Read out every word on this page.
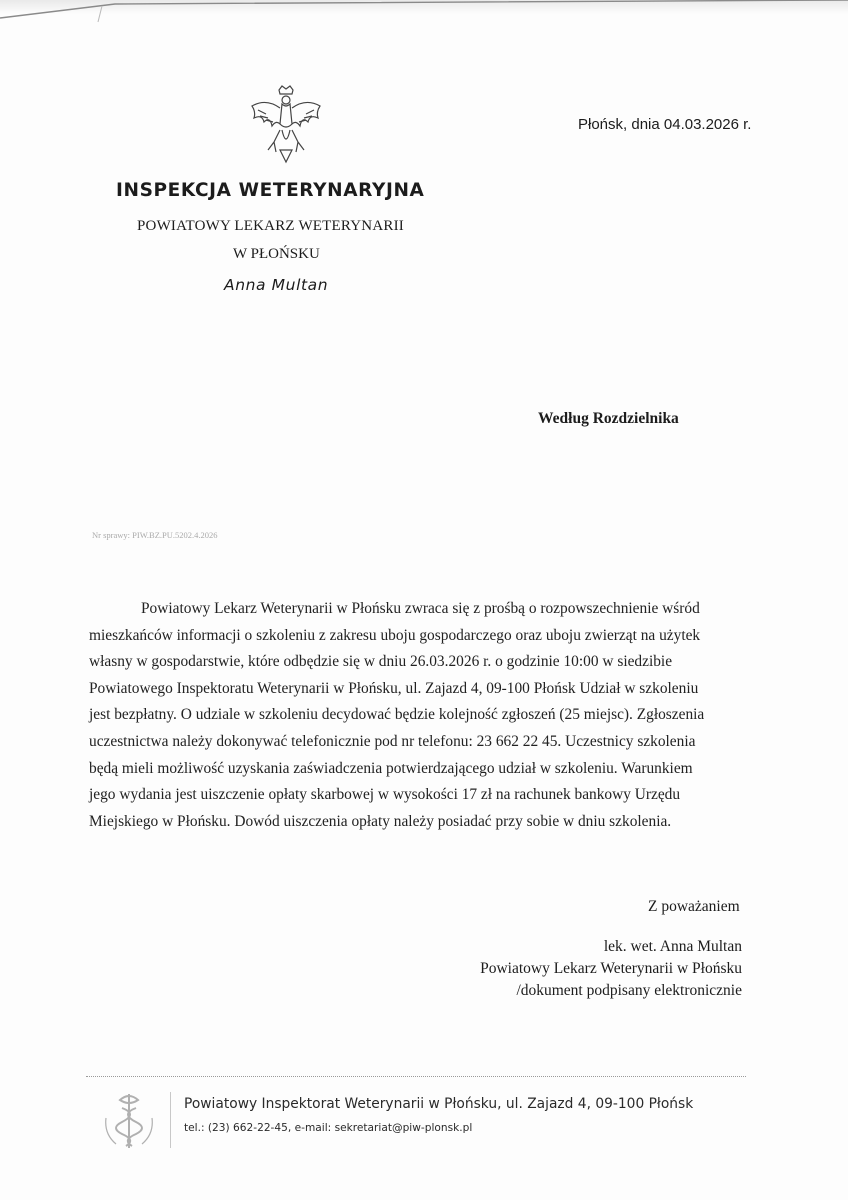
Płońsk, dnia 04.03.2026 r.
INSPEKCJA WETERYNARYJNA
POWIATOWY LEKARZ WETERYNARII
W PŁOŃSKU
Anna Multan
Według Rozdzielnika
Nr sprawy: PIW.BZ.PU.5202.4.2026
Powiatowy Lekarz Weterynarii w Płońsku zwraca się z prośbą o rozpowszechnienie wśród
mieszkańców informacji o szkoleniu z zakresu uboju gospodarczego oraz uboju zwierząt na użytek
własny w gospodarstwie, które odbędzie się w dniu 26.03.2026 r. o godzinie 10:00 w siedzibie
Powiatowego Inspektoratu Weterynarii w Płońsku, ul. Zajazd 4, 09-100 Płońsk Udział w szkoleniu
jest bezpłatny. O udziale w szkoleniu decydować będzie kolejność zgłoszeń (25 miejsc). Zgłoszenia
uczestnictwa należy dokonywać telefonicznie pod nr telefonu: 23 662 22 45. Uczestnicy szkolenia
będą mieli możliwość uzyskania zaświadczenia potwierdzającego udział w szkoleniu. Warunkiem
jego wydania jest uiszczenie opłaty skarbowej w wysokości 17 zł na rachunek bankowy Urzędu
Miejskiego w Płońsku. Dowód uiszczenia opłaty należy posiadać przy sobie w dniu szkolenia.
Z poważaniem
lek. wet. Anna Multan
Powiatowy Lekarz Weterynarii w Płońsku
/dokument podpisany elektronicznie
Powiatowy Inspektorat Weterynarii w Płońsku, ul. Zajazd 4, 09-100 Płońsk
tel.: (23) 662-22-45, e-mail: sekretariat@piw-plonsk.pl
